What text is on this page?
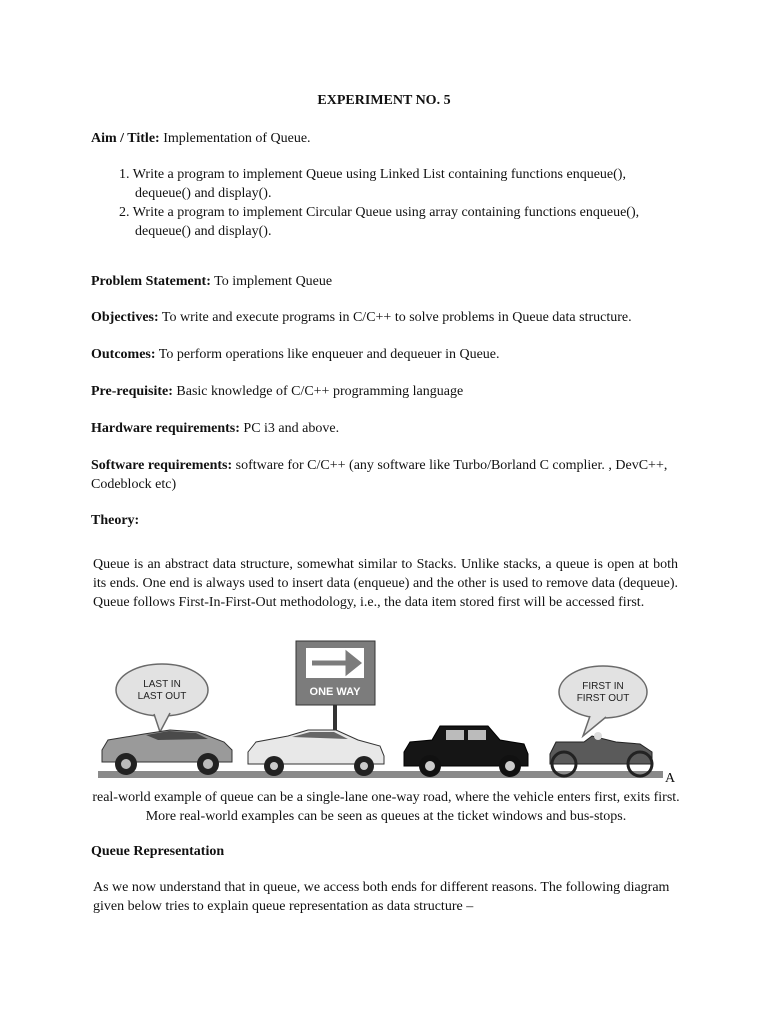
EXPERIMENT NO. 5
Aim / Title: Implementation of Queue.
1. Write a program to implement Queue using Linked List containing functions enqueue(), dequeue() and display().
2. Write a program to implement Circular Queue using array containing functions enqueue(), dequeue() and display().
Problem Statement: To implement Queue
Objectives: To write and execute programs in C/C++ to solve problems in Queue data structure.
Outcomes: To perform operations like enqueuer and dequeuer in Queue.
Pre-requisite: Basic knowledge of C/C++ programming language
Hardware requirements: PC i3 and above.
Software requirements: software for C/C++ (any software like Turbo/Borland C complier. , DevC++, Codeblock etc)
Theory:
Queue is an abstract data structure, somewhat similar to Stacks. Unlike stacks, a queue is open at both its ends. One end is always used to insert data (enqueue) and the other is used to remove data (dequeue). Queue follows First-In-First-Out methodology, i.e., the data item stored first will be accessed first.
LAST IN
LAST OUT	ONE WAY	FIRST IN
FIRST OUT
A
real-world example of queue can be a single-lane one-way road, where the vehicle enters first, exits first. More real-world examples can be seen as queues at the ticket windows and bus-stops.
Queue Representation
As we now understand that in queue, we access both ends for different reasons. The following diagram given below tries to explain queue representation as data structure –
